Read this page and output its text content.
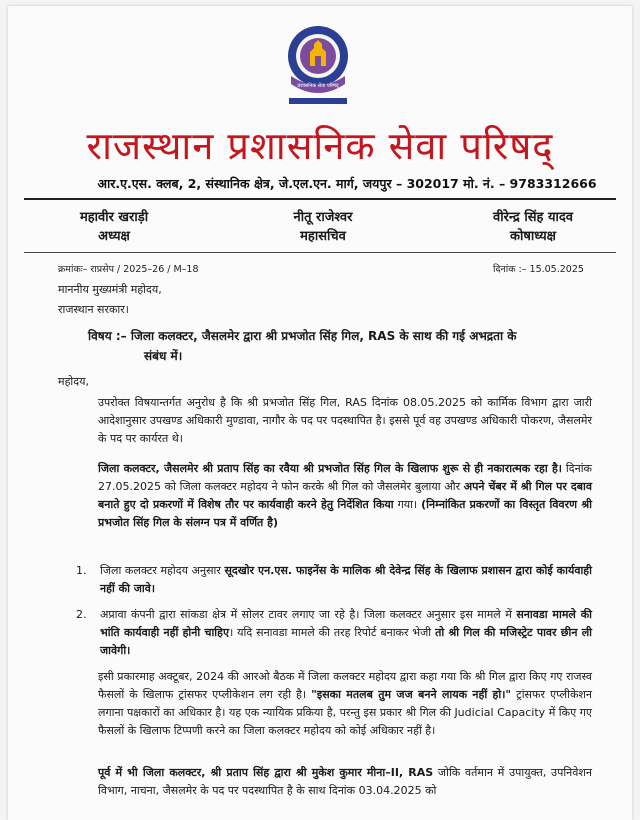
प्रशासनिक सेवा परिषद्
राजस्थान प्रशासनिक सेवा परिषद्
आर.ए.एस. क्लब, 2, संस्थानिक क्षेत्र, जे.एल.एन. मार्ग, जयपुर – 302017 मो. नं. – 9783312666
महावीर खराड़ी
अध्यक्ष
नीतू राजेश्वर
महासचिव
वीरेन्द्र सिंह यादव
कोषाध्यक्ष
क्रमांकः– राप्रसेप / 2025–26 / M–18	दिनांक :– 15.05.2025
माननीय मुख्यमंत्री महोदय,
राजस्थान सरकार।
विषय :– जिला कलक्टर, जैसलमेर द्वारा श्री प्रभजोत सिंह गिल, RAS के साथ की गई अभद्रता के
संबंध में।
महोदय,
उपरोक्त विषयान्तर्गत अनुरोध है कि श्री प्रभजोत सिंह गिल, RAS दिनांक 08.05.2025 को कार्मिक विभाग द्वारा जारी आदेशानुसार उपखण्ड अधिकारी मुण्डावा, नागौर के पद पर पदस्थापित है। इससे पूर्व वह उपखण्ड अधिकारी पोकरण, जैसलमेर के पद पर कार्यरत थे।
जिला कलक्टर, जैसलमेर श्री प्रताप सिंह का रवैया श्री प्रभजोत सिंह गिल के खिलाफ शुरू से ही नकारात्मक रहा है। दिनांक 27.05.2025 को जिला कलक्टर महोदय ने फोन करके श्री गिल को जैसलमेर बुलाया और अपने चेंबर में श्री गिल पर दबाव बनाते हुए दो प्रकरणों में विशेष तौर पर कार्यवाही करने हेतु निर्देशित किया गया। (निम्नांकित प्रकरणों का विस्तृत विवरण श्री प्रभजोत सिंह गिल के संलग्न पत्र में वर्णित है)
1. जिला कलक्टर महोदय अनुसार सूदखोर एन.एस. फाइनेंस के मालिक श्री देवेन्द्र सिंह के खिलाफ प्रशासन द्वारा कोई कार्यवाही नहीं की जावे।
2. अप्रावा कंपनी द्वारा सांकडा क्षेत्र में सोलर टावर लगाए जा रहे है। जिला कलक्टर अनुसार इस मामले में सनावडा मामले की भांति कार्यवाही नहीं होनी चाहिए। यदि सनावडा मामले की तरह रिपोर्ट बनाकर भेजी तो श्री गिल की मजिस्ट्रेट पावर छीन ली जावेगी।
इसी प्रकारमाह अक्टूबर, 2024 की आरओ बैठक में जिला कलक्टर महोदय द्वारा कहा गया कि श्री गिल द्वारा किए गए राजस्व फैसलों के खिलाफ ट्रांसफर एप्लीकेशन लग रही है। "इसका मतलब तुम जज बनने लायक नहीं हो।" ट्रांसफर एप्लीकेशन लगाना पक्षकारों का अधिकार है। यह एक न्यायिक प्रकिया है, परन्तु इस प्रकार श्री गिल की Judicial Capacity में किए गए फैसलों के खिलाफ टिप्पणी करने का जिला कलक्टर महोदय को कोई अधिकार नहीं है।
पूर्व में भी जिला कलक्टर, श्री प्रताप सिंह द्वारा श्री मुकेश कुमार मीना–II, RAS जोकि वर्तमान में उपायुक्त, उपनिवेशन विभाग, नाचना, जैसलमेर के पद पर पदस्थापित है के साथ दिनांक 03.04.2025 को
